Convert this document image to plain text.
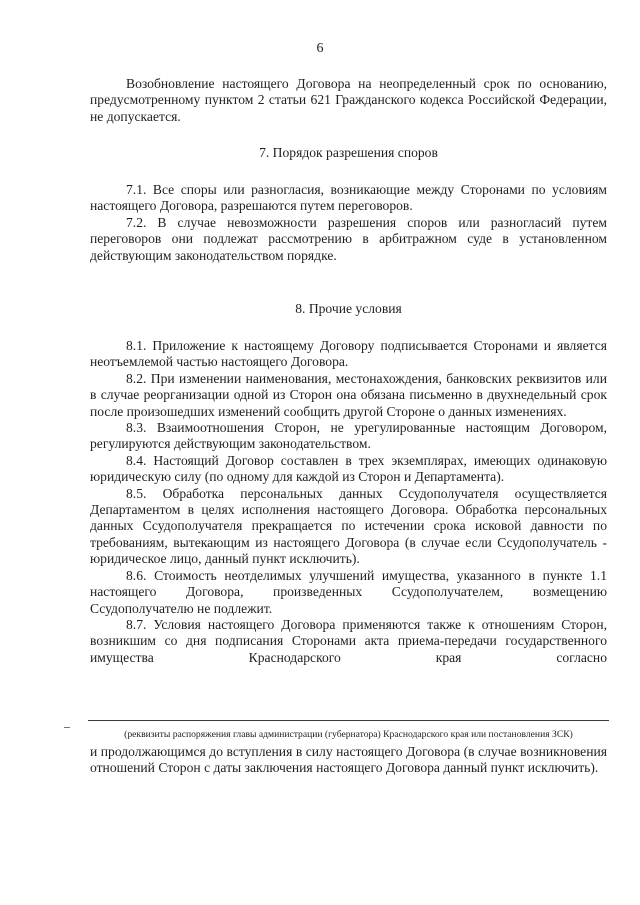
6

Возобновление настоящего Договора на неопределенный срок по основанию, предусмотренному пунктом 2 статьи 621 Гражданского кодекса Российской Федерации, не допускается.

7. Порядок разрешения споров

7.1. Все споры или разногласия, возникающие между Сторонами по условиям настоящего Договора, разрешаются путем переговоров.

7.2. В случае невозможности разрешения споров или разногласий путем переговоров они подлежат рассмотрению в арбитражном суде в установленном действующим законодательством порядке.

8. Прочие условия

8.1. Приложение к настоящему Договору подписывается Сторонами и является неотъемлемой частью настоящего Договора.

8.2. При изменении наименования, местонахождения, банковских реквизитов или в случае реорганизации одной из Сторон она обязана письменно в двухнедельный срок после произошедших изменений сообщить другой Стороне о данных изменениях.

8.3. Взаимоотношения Сторон, не урегулированные настоящим Договором, регулируются действующим законодательством.

8.4. Настоящий Договор составлен в трех экземплярах, имеющих одинаковую юридическую силу (по одному для каждой из Сторон и Департамента).

8.5. Обработка персональных данных Ссудополучателя осуществляется Департаментом в целях исполнения настоящего Договора. Обработка персональных данных Ссудополучателя прекращается по истечении срока исковой давности по требованиям, вытекающим из настоящего Договора (в случае если Ссудополучатель - юридическое лицо, данный пункт исключить).

8.6. Стоимость неотделимых улучшений имущества, указанного в пункте 1.1 настоящего Договора, произведенных Ссудополучателем, возмещению Ссудополучателю не подлежит.

8.7. Условия настоящего Договора применяются также к отношениям Сторон, возникшим со дня подписания Сторонами акта приема-передачи государственного имущества Краснодарского края согласно

(реквизиты распоряжения главы администрации (губернатора) Краснодарского края или постановления ЗСК)

и продолжающимся до вступления в силу настоящего Договора (в случае возникновения отношений Сторон с даты заключения настоящего Договора данный пункт исключить).
